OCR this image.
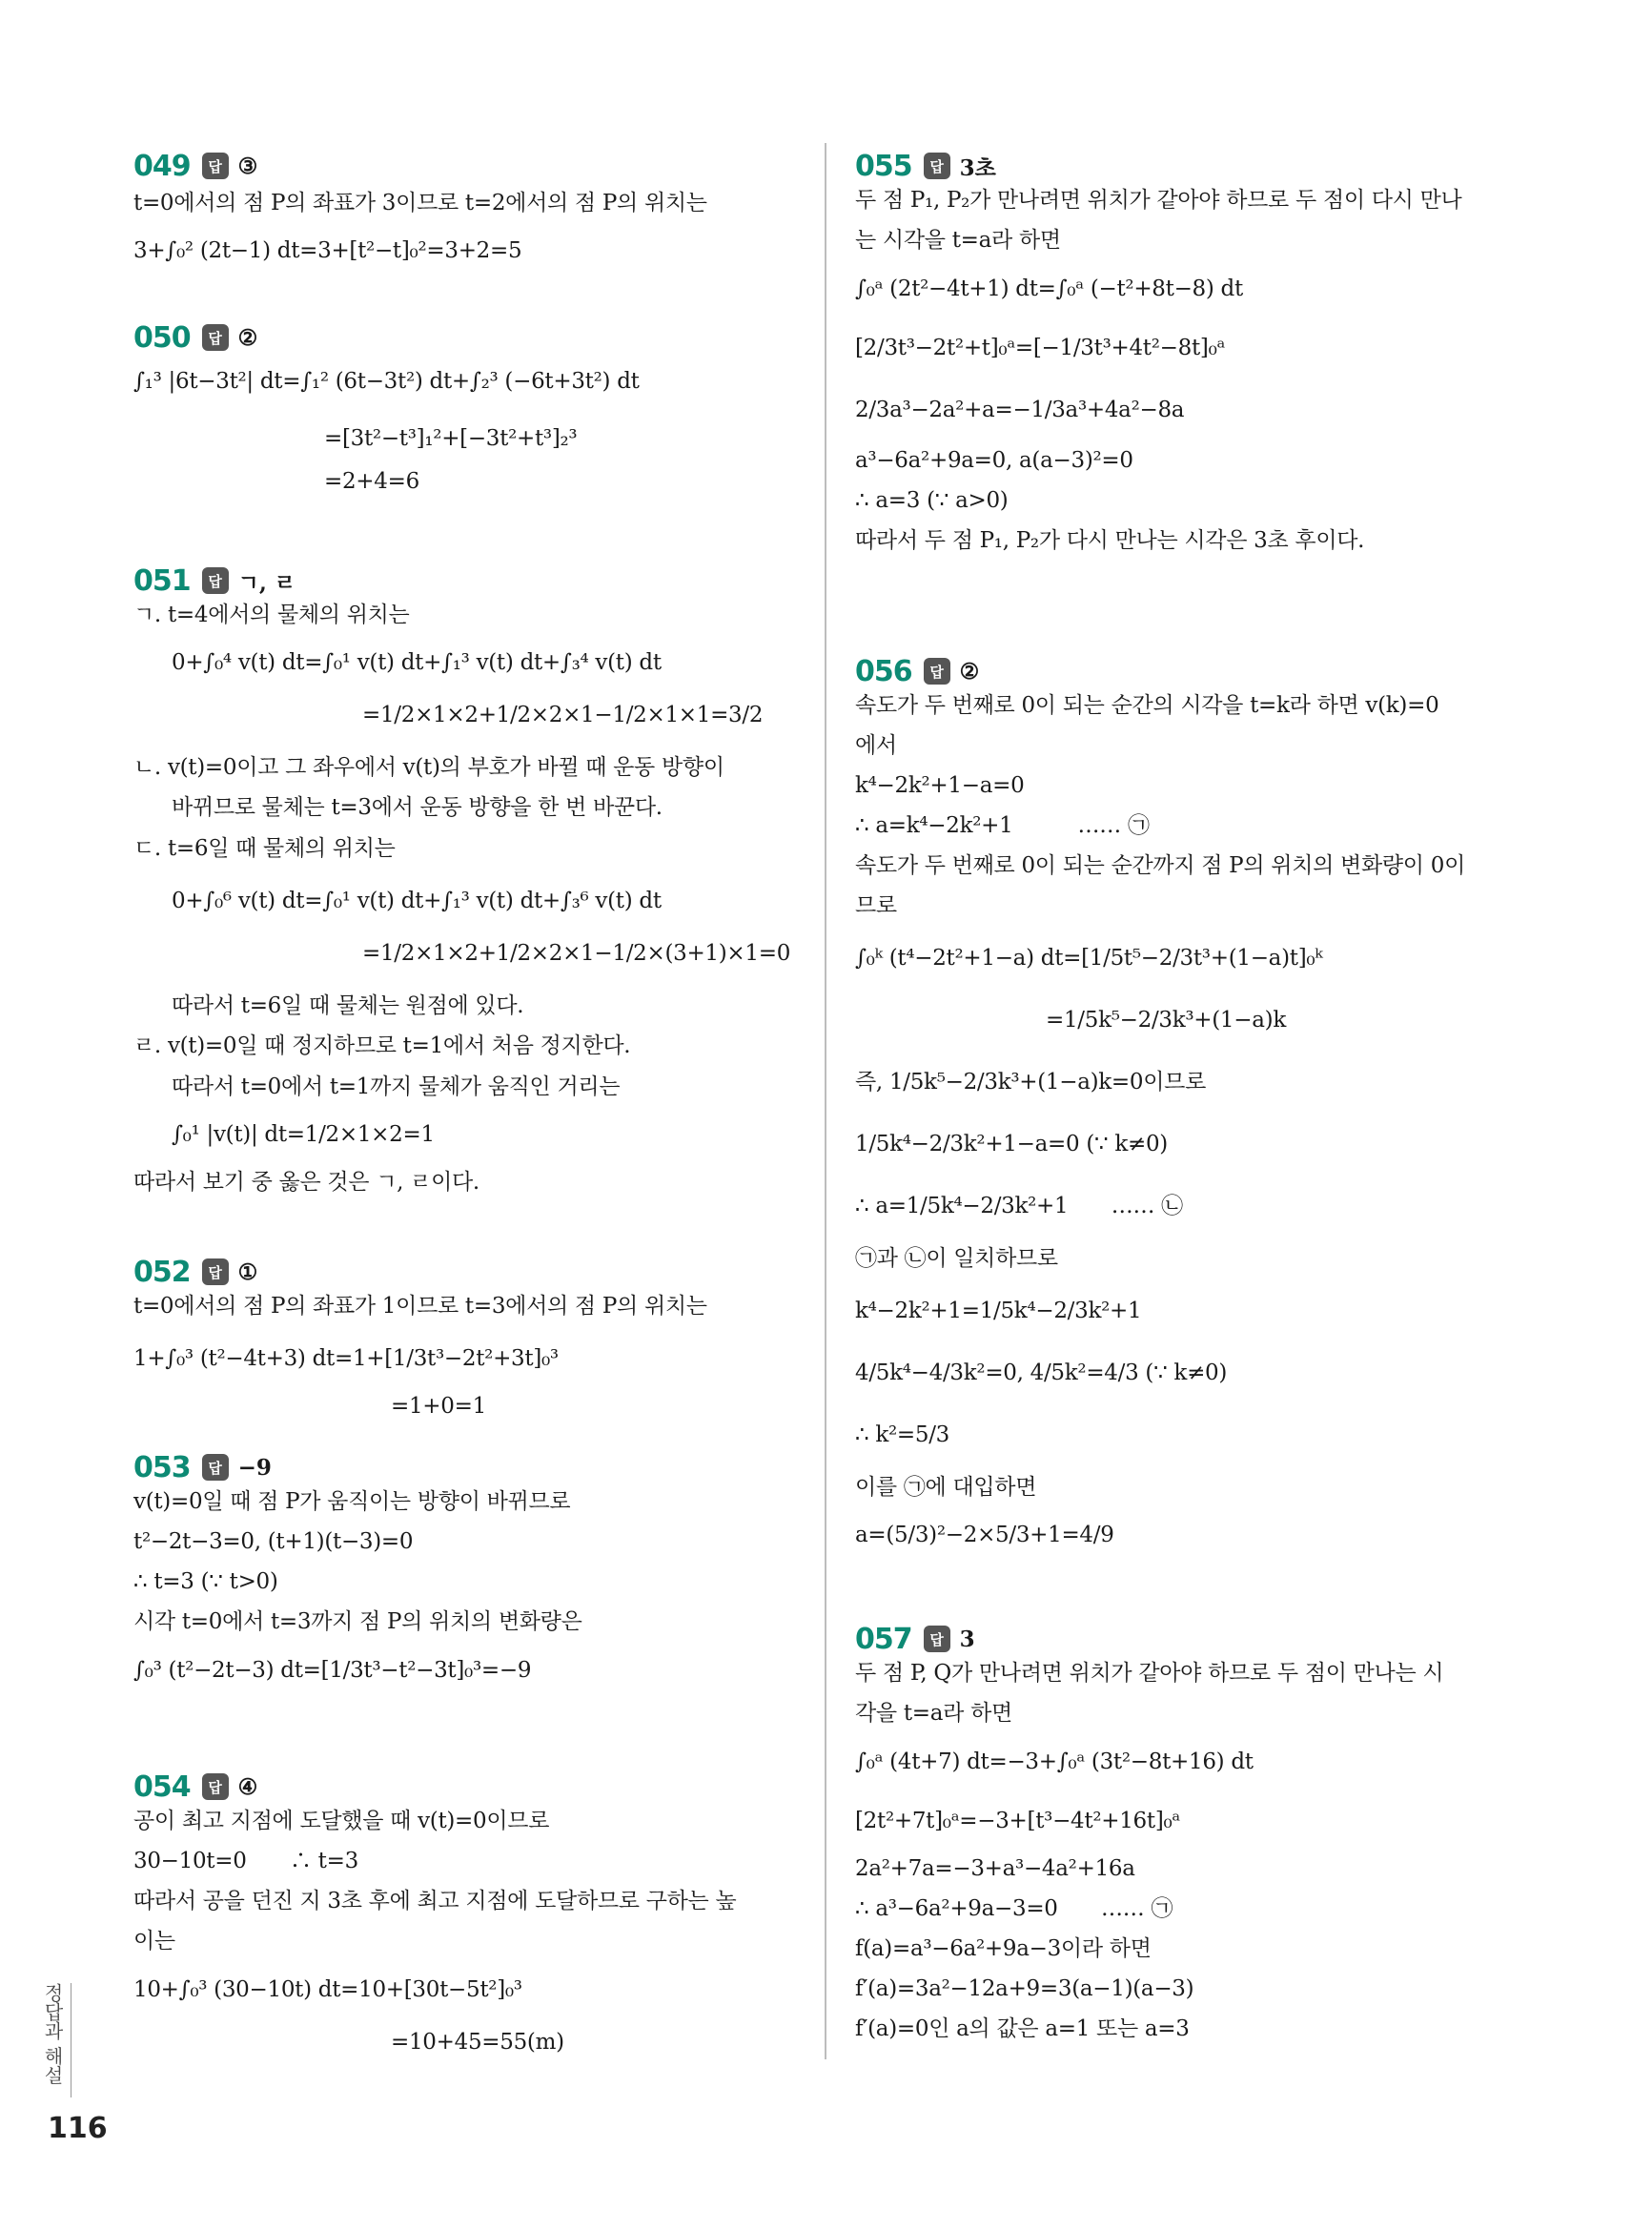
049	답 ③
t=0에서의 점 P의 좌표가 3이므로 t=2에서의 점 P의 위치는
3+∫₀² (2t−1) dt=3+[t²−t]₀²=3+2=5
050	답 ②
∫₁³ |6t−3t²| dt=∫₁² (6t−3t²) dt+∫₂³ (−6t+3t²) dt
=[3t²−t³]₁²+[−3t²+t³]₂³
=2+4=6
051	답 ㄱ, ㄹ
ㄱ. t=4에서의 물체의 위치는
0+∫₀⁴ v(t) dt=∫₀¹ v(t) dt+∫₁³ v(t) dt+∫₃⁴ v(t) dt
=1/2×1×2+1/2×2×1−1/2×1×1=3/2
ㄴ. v(t)=0이고 그 좌우에서 v(t)의 부호가 바뀔 때 운동 방향이
바뀌므로 물체는 t=3에서 운동 방향을 한 번 바꾼다.
ㄷ. t=6일 때 물체의 위치는
0+∫₀⁶ v(t) dt=∫₀¹ v(t) dt+∫₁³ v(t) dt+∫₃⁶ v(t) dt
=1/2×1×2+1/2×2×1−1/2×(3+1)×1=0
따라서 t=6일 때 물체는 원점에 있다.
ㄹ. v(t)=0일 때 정지하므로 t=1에서 처음 정지한다.
따라서 t=0에서 t=1까지 물체가 움직인 거리는
∫₀¹ |v(t)| dt=1/2×1×2=1
따라서 보기 중 옳은 것은 ㄱ, ㄹ이다.
052	답 ①
t=0에서의 점 P의 좌표가 1이므로 t=3에서의 점 P의 위치는
1+∫₀³ (t²−4t+3) dt=1+[1/3t³−2t²+3t]₀³
=1+0=1
053	답 −9
v(t)=0일 때 점 P가 움직이는 방향이 바뀌므로
t²−2t−3=0, (t+1)(t−3)=0
∴ t=3 (∵ t>0)
시각 t=0에서 t=3까지 점 P의 위치의 변화량은
∫₀³ (t²−2t−3) dt=[1/3t³−t²−3t]₀³=−9
054	답 ④
공이 최고 지점에 도달했을 때 v(t)=0이므로
30−10t=0　　∴ t=3
따라서 공을 던진 지 3초 후에 최고 지점에 도달하므로 구하는 높
이는
10+∫₀³ (30−10t) dt=10+[30t−5t²]₀³
=10+45=55(m)
055	답 3초
두 점 P₁, P₂가 만나려면 위치가 같아야 하므로 두 점이 다시 만나
는 시각을 t=a라 하면
∫₀ᵃ (2t²−4t+1) dt=∫₀ᵃ (−t²+8t−8) dt
[2/3t³−2t²+t]₀ᵃ=[−1/3t³+4t²−8t]₀ᵃ
2/3a³−2a²+a=−1/3a³+4a²−8a
a³−6a²+9a=0, a(a−3)²=0
∴ a=3 (∵ a>0)
따라서 두 점 P₁, P₂가 다시 만나는 시각은 3초 후이다.
056	답 ②
속도가 두 번째로 0이 되는 순간의 시각을 t=k라 하면 v(k)=0
에서
k⁴−2k²+1−a=0
∴ a=k⁴−2k²+1　　　…… ㉠
속도가 두 번째로 0이 되는 순간까지 점 P의 위치의 변화량이 0이
므로
∫₀ᵏ (t⁴−2t²+1−a) dt=[1/5t⁵−2/3t³+(1−a)t]₀ᵏ
=1/5k⁵−2/3k³+(1−a)k
즉, 1/5k⁵−2/3k³+(1−a)k=0이므로
1/5k⁴−2/3k²+1−a=0 (∵ k≠0)
∴ a=1/5k⁴−2/3k²+1　　…… ㉡
㉠과 ㉡이 일치하므로
k⁴−2k²+1=1/5k⁴−2/3k²+1
4/5k⁴−4/3k²=0, 4/5k²=4/3 (∵ k≠0)
∴ k²=5/3
이를 ㉠에 대입하면
a=(5/3)²−2×5/3+1=4/9
057	답 3
두 점 P, Q가 만나려면 위치가 같아야 하므로 두 점이 만나는 시
각을 t=a라 하면
∫₀ᵃ (4t+7) dt=−3+∫₀ᵃ (3t²−8t+16) dt
[2t²+7t]₀ᵃ=−3+[t³−4t²+16t]₀ᵃ
2a²+7a=−3+a³−4a²+16a
∴ a³−6a²+9a−3=0　　…… ㉠
f(a)=a³−6a²+9a−3이라 하면
f′(a)=3a²−12a+9=3(a−1)(a−3)
f′(a)=0인 a의 값은 a=1 또는 a=3
정답과 해설
116
